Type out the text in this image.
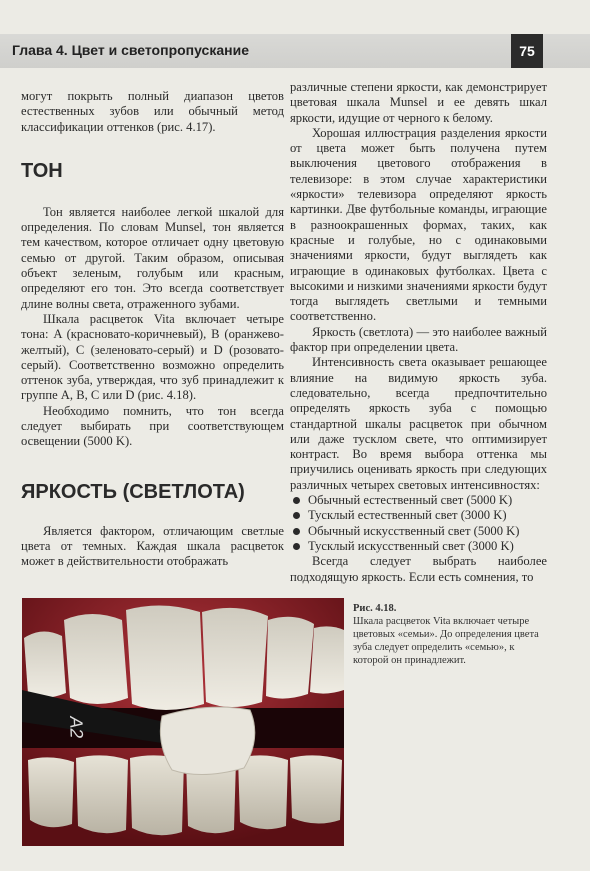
Глава 4. Цвет и светопропускание	75

могут покрыть полный диапазон цветов естественных зубов или обычный метод классификации оттенков (рис. 4.17).

ТОН

Тон является наиболее легкой шкалой для определения. По словам Munsel, тон является тем качеством, которое отличает одну цветовую семью от другой. Таким образом, описывая объект зеленым, голубым или красным, определяют его тон. Это всегда соответствует длине волны света, отраженного зубами.

Шкала расцветок Vita включает четыре тона: A (красновато-коричневый), B (оранжево-желтый), C (зеленовато-серый) и D (розовато-серый). Соответственно возможно определить оттенок зуба, утверждая, что зуб принадлежит к группе A, B, C или D (рис. 4.18).

Необходимо помнить, что тон всегда следует выбирать при соответствующем освещении (5000 K).

ЯРКОСТЬ (СВЕТЛОТА)

Является фактором, отличающим светлые цвета от темных. Каждая шкала расцветок может в действительности отображать

различные степени яркости, как демонстрирует цветовая шкала Munsel и ее девять шкал яркости, идущие от черного к белому.

Хорошая иллюстрация разделения яркости от цвета может быть получена путем выключения цветового отображения в телевизоре: в этом случае характеристики «яркости» телевизора определяют яркость картинки. Две футбольные команды, играющие в разноокрашенных формах, таких, как красные и голубые, но с одинаковыми значениями яркости, будут выглядеть как играющие в одинаковых футболках. Цвета с высокими и низкими значениями яркости будут тогда выглядеть светлыми и темными соответственно.

Яркость (светлота) — это наиболее важный фактор при определении цвета.

Интенсивность света оказывает решающее влияние на видимую яркость зуба. следовательно, всегда предпочтительно определять яркость зуба с помощью стандартной шкалы расцветок при обычном или даже тусклом свете, что оптимизирует контраст. Во время выбора оттенка мы приучились оценивать яркость при следующих различных четырех световых интенсивностях:

Обычный естественный свет (5000 K)
Тусклый естественный свет (3000 K)
Обычный искусственный свет (5000 K)
Тусклый искусственный свет (3000 K)

Всегда следует выбрать наиболее подходящую яркость. Если есть сомнения, то

A2
Рис. 4.18.
Шкала расцветок Vita включает четыре цветовых «семьи». До определения цвета зуба следует определить «семью», к которой он принадлежит.
